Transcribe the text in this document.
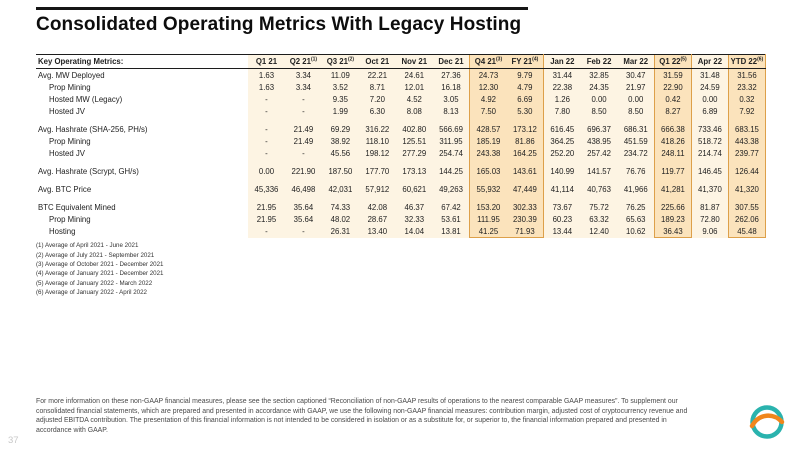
Consolidated Operating Metrics With Legacy Hosting
Key Operating Metrics:	Q1 21	Q2 21$^{(1)}$	Q3 21$^{(2)}$	Oct 21	Nov 21	Dec 21	Q4 21$^{(3)}$	FY 21$^{(4)}$	Jan 22	Feb 22	Mar 22	Q1 22$^{(5)}$	Apr 22	YTD 22$^{(6)}$
Avg. MW Deployed	1.63	3.34	11.09	22.21	24.61	27.36	24.73	9.79	31.44	32.85	30.47	31.59	31.48	31.56
Prop Mining	1.63	3.34	3.52	8.71	12.01	16.18	12.30	4.79	22.38	24.35	21.97	22.90	24.59	23.32
Hosted MW (Legacy)	-	-	9.35	7.20	4.52	3.05	4.92	6.69	1.26	0.00	0.00	0.42	0.00	0.32
Hosted JV	-	-	1.99	6.30	8.08	8.13	7.50	5.30	7.80	8.50	8.50	8.27	6.89	7.92

Avg. Hashrate (SHA-256, PH/s)	-	21.49	69.29	316.22	402.80	566.69	428.57	173.12	616.45	696.37	686.31	666.38	733.46	683.15
Prop Mining	-	21.49	38.92	118.10	125.51	311.95	185.19	81.86	364.25	438.95	451.59	418.26	518.72	443.38
Hosted JV	-	-	45.56	198.12	277.29	254.74	243.38	164.25	252.20	257.42	234.72	248.11	214.74	239.77

Avg. Hashrate (Scrypt, GH/s)	0.00	221.90	187.50	177.70	173.13	144.25	165.03	143.61	140.99	141.57	76.76	119.77	146.45	126.44

Avg. BTC Price	45,336	46,498	42,031	57,912	60,621	49,263	55,932	47,449	41,114	40,763	41,966	41,281	41,370	41,320

BTC Equivalent Mined	21.95	35.64	74.33	42.08	46.37	67.42	153.20	302.33	73.67	75.72	76.25	225.66	81.87	307.55
Prop Mining	21.95	35.64	48.02	28.67	32.33	53.61	111.95	230.39	60.23	63.32	65.63	189.23	72.80	262.06
Hosting	-	-	26.31	13.40	14.04	13.81	41.25	71.93	13.44	12.40	10.62	36.43	9.06	45.48
(1) Average of April 2021 - June 2021
(2) Average of July 2021 - September 2021
(3) Average of October 2021 - December 2021
(4) Average of January 2021 - December 2021
(5) Average of January 2022 - March 2022
(6) Average of January 2022 - April 2022

For more information on these non-GAAP financial measures, please see the section captioned “Reconciliation of non-GAAP results of operations to the nearest comparable GAAP measures”. To supplement our consolidated financial statements, which are prepared and presented in accordance with GAAP, we use the following non-GAAP financial measures: contribution margin, adjusted cost of cryptocurrency revenue and adjusted EBITDA contribution. The presentation of this financial information is not intended to be considered in isolation or as a substitute for, or superior to, the financial information prepared and presented in accordance with GAAP.

37
